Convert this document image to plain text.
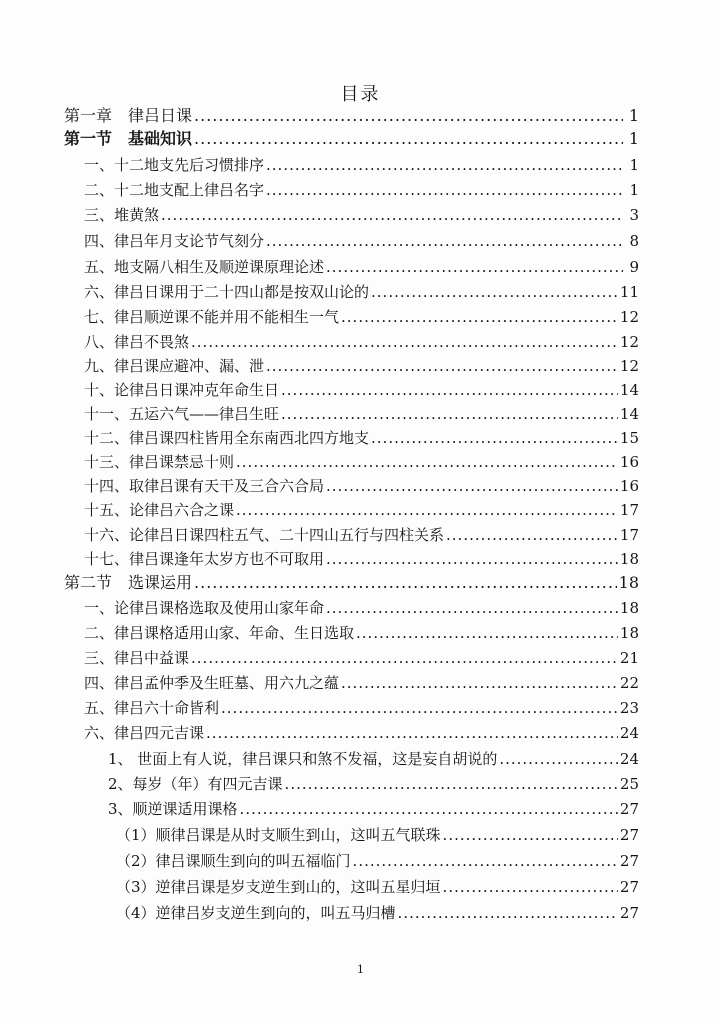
目录
第一章　律吕日课 .....	1
第一节　基础知识 .....	1
一、十二地支先后习惯排序 .....	1
二、十二地支配上律吕名字 .....	1
三、堆黄煞 .....	3
四、律吕年月支论节气刻分 .....	8
五、地支隔八相生及顺逆课原理论述 .....	9
六、律吕日课用于二十四山都是按双山论的 .....	11
七、律吕顺逆课不能并用不能相生一气 .....	12
八、律吕不畏煞 .....	12
九、律吕课应避冲、漏、泄 .....	12
十、论律吕日课冲克年命生日 .....	14
十一、五运六气——律吕生旺 .....	14
十二、律吕课四柱皆用全东南西北四方地支 .....	15
十三、律吕课禁忌十则 .....	16
十四、取律吕课有天干及三合六合局 .....	16
十五、论律吕六合之课 .....	17
十六、论律吕日课四柱五气、二十四山五行与四柱关系 .....	17
十七、律吕课逢年太岁方也不可取用 .....	18
第二节　选课运用 .....	18
一、论律吕课格选取及使用山家年命 .....	18
二、律吕课格适用山家、年命、生日选取 .....	18
三、律吕中益课 .....	21
四、律吕孟仲季及生旺墓、用六九之蕴 .....	22
五、律吕六十命皆利 .....	23
六、律吕四元吉课 .....	24
1、 世面上有人说，律吕课只和煞不发福，这是妄自胡说的 .....	24
2、每岁（年）有四元吉课 .....	25
3、顺逆课适用课格 .....	27
（1）顺律吕课是从时支顺生到山，这叫五气联珠 .....	27
（2）律吕课顺生到向的叫五福临门 .....	27
（3）逆律吕课是岁支逆生到山的，这叫五星归垣 .....	27
（4）逆律吕岁支逆生到向的，叫五马归槽 .....	27
1
